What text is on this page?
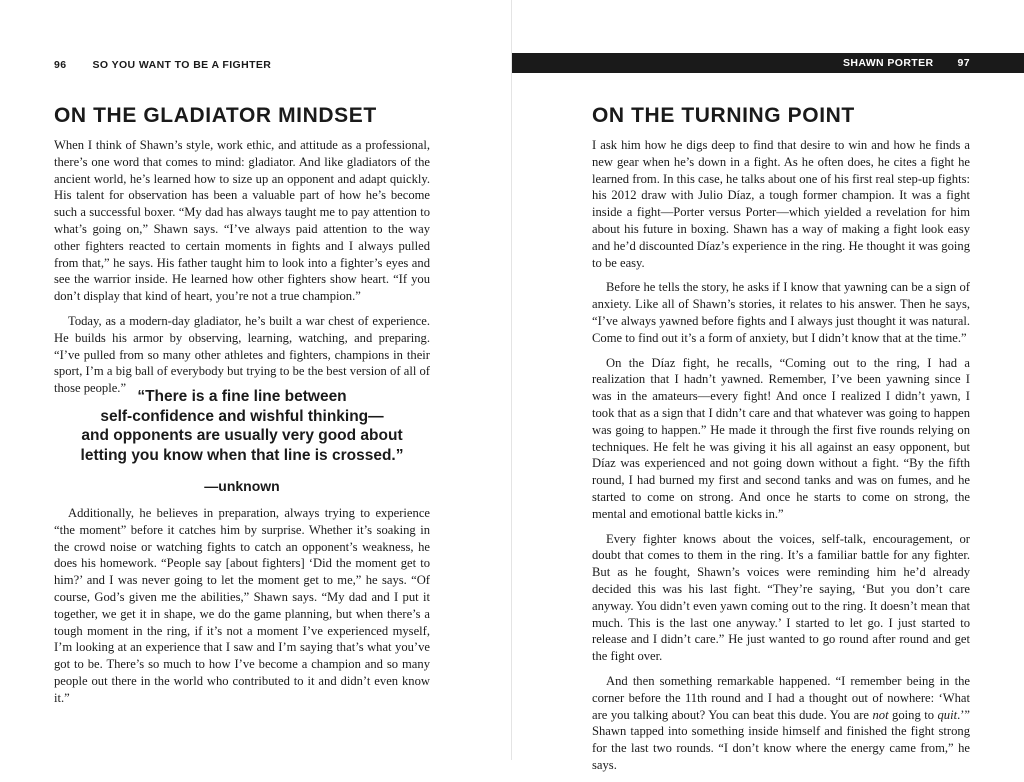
96 SO YOU WANT TO BE A FIGHTER
ON THE GLADIATOR MINDSET

When I think of Shawn’s style, work ethic, and attitude as a professional, there’s one word that comes to mind: gladiator. And like gladiators of the ancient world, he’s learned how to size up an opponent and adapt quickly. His talent for observation has been a valuable part of how he’s become such a successful boxer. “My dad has always taught me to pay attention to what’s going on,” Shawn says. “I’ve always paid attention to the way other fighters reacted to certain moments in fights and I always pulled from that,” he says. His father taught him to look into a fighter’s eyes and see the warrior inside. He learned how other fighters show heart. “If you don’t display that kind of heart, you’re not a true champion.”

Today, as a modern-day gladiator, he’s built a war chest of experience. He builds his armor by observing, learning, watching, and preparing. “I’ve pulled from so many other athletes and fighters, champions in their sport, I’m a big ball of everybody but trying to be the best version of all of those people.” “There is a fine line between
self-confidence and wishful thinking—
and opponents are usually very good about
letting you know when that line is crossed.”
—unknown

Additionally, he believes in preparation, always trying to experience “the moment” before it catches him by surprise. Whether it’s soaking in the crowd noise or watching fights to catch an opponent’s weakness, he does his homework. “People say [about fighters] ‘Did the moment get to him?’ and I was never going to let the moment get to me,” he says. “Of course, God’s given me the abilities,” Shawn says. “My dad and I put it together, we get it in shape, we do the game planning, but when there’s a tough moment in the ring, if it’s not a moment I’ve experienced myself, I’m looking at an experience that I saw and I’m saying that’s what you’ve got to be. There’s so much to how I’ve become a champion and so many people out there in the world who contributed to it and didn’t even know it.”

SHAWN PORTER 97
ON THE TURNING POINT

I ask him how he digs deep to find that desire to win and how he finds a new gear when he’s down in a fight. As he often does, he cites a fight he learned from. In this case, he talks about one of his first real step-up fights: his 2012 draw with Julio Díaz, a tough former champion. It was a fight inside a fight—Porter versus Porter—which yielded a revelation for him about his future in boxing. Shawn has a way of making a fight look easy and he’d discounted Díaz’s experience in the ring. He thought it was going to be easy.

Before he tells the story, he asks if I know that yawning can be a sign of anxiety. Like all of Shawn’s stories, it relates to his answer. Then he says, “I’ve always yawned before fights and I always just thought it was natural. Come to find out it’s a form of anxiety, but I didn’t know that at the time.”

On the Díaz fight, he recalls, “Coming out to the ring, I had a realization that I hadn’t yawned. Remember, I’ve been yawning since I was in the amateurs—every fight! And once I realized I didn’t yawn, I took that as a sign that I didn’t care and that whatever was going to happen was going to happen.” He made it through the first five rounds relying on techniques. He felt he was giving it his all against an easy opponent, but Díaz was experienced and not going down without a fight. “By the fifth round, I had burned my first and second tanks and was on fumes, and he started to come on strong. And once he starts to come on strong, the mental and emotional battle kicks in.”

Every fighter knows about the voices, self-talk, encouragement, or doubt that comes to them in the ring. It’s a familiar battle for any fighter. But as he fought, Shawn’s voices were reminding him he’d already decided this was his last fight. “They’re saying, ‘But you don’t care anyway. You didn’t even yawn coming out to the ring. It doesn’t mean that much. This is the last one anyway.’ I started to let go. I just started to release and I didn’t care.” He just wanted to go round after round and get the fight over.

And then something remarkable happened. “I remember being in the corner before the 11th round and I had a thought out of nowhere: ‘What are you talking about? You can beat this dude. You are not going to quit.’” Shawn tapped into something inside himself and finished the fight strong for the last two rounds. “I don’t know where the energy came from,” he says.
